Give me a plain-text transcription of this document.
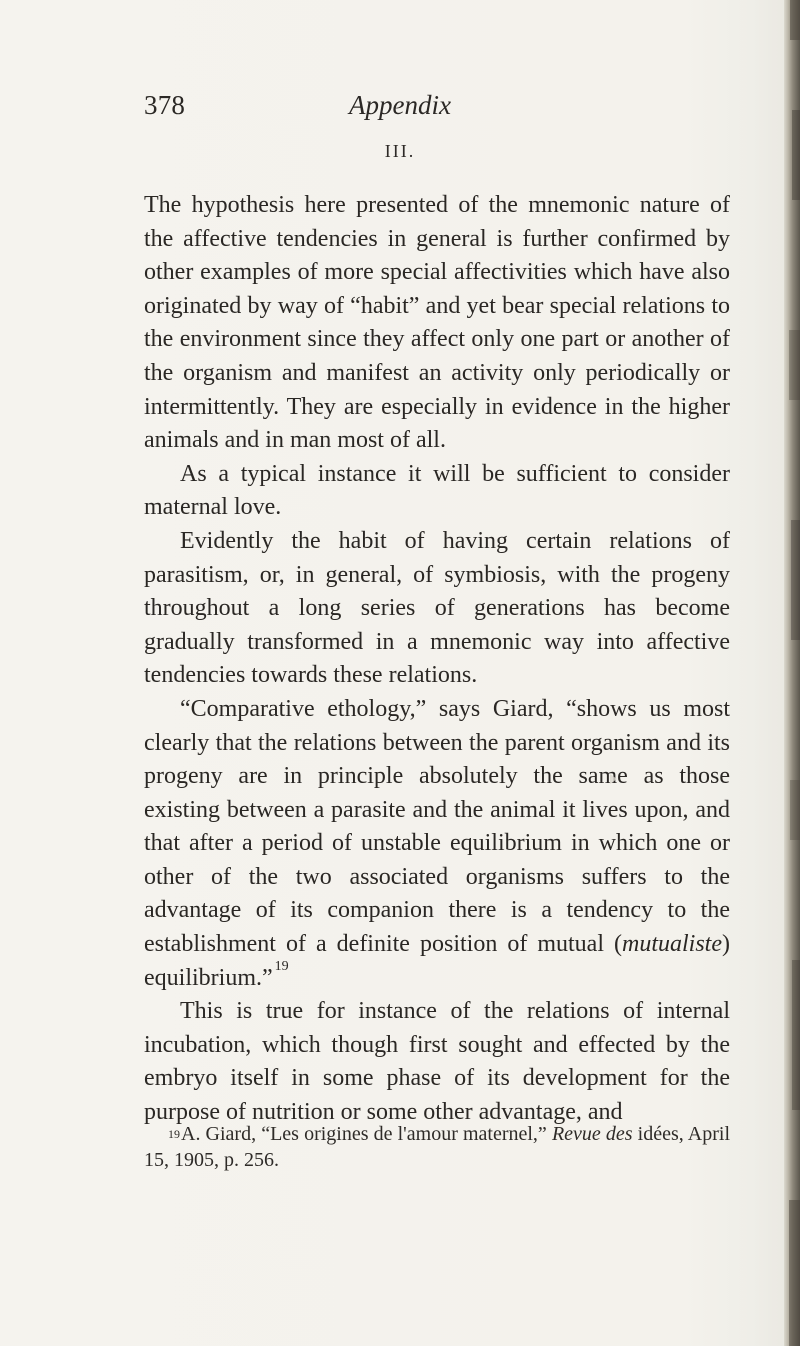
378	Appendix
III.

The hypothesis here presented of the mnemonic nature of the affective tendencies in general is further confirmed by other examples of more special affectivities which have also originated by way of “habit” and yet bear special relations to the environment since they affect only one part or another of the organism and manifest an activity only periodically or intermittently. They are especially in evidence in the higher animals and in man most of all.

As a typical instance it will be sufficient to consider maternal love.

Evidently the habit of having certain relations of parasitism, or, in general, of symbiosis, with the progeny throughout a long series of generations has become gradually transformed in a mnemonic way into affective tendencies towards these relations.

“Comparative ethology,” says Giard, “shows us most clearly that the relations between the parent organism and its progeny are in principle absolutely the same as those existing between a parasite and the animal it lives upon, and that after a period of unstable equilibrium in which one or other of the two associated organisms suffers to the advantage of its companion there is a tendency to the establishment of a definite position of mutual (mutualiste) equilibrium.” $^{19}$

This is true for instance of the relations of internal incubation, which though first sought and effected by the embryo itself in some phase of its development for the purpose of nutrition or some other advantage, and

$^{19}$A. Giard, “Les origines de l'amour maternel,” Revue des idées, April 15, 1905, p. 256.
